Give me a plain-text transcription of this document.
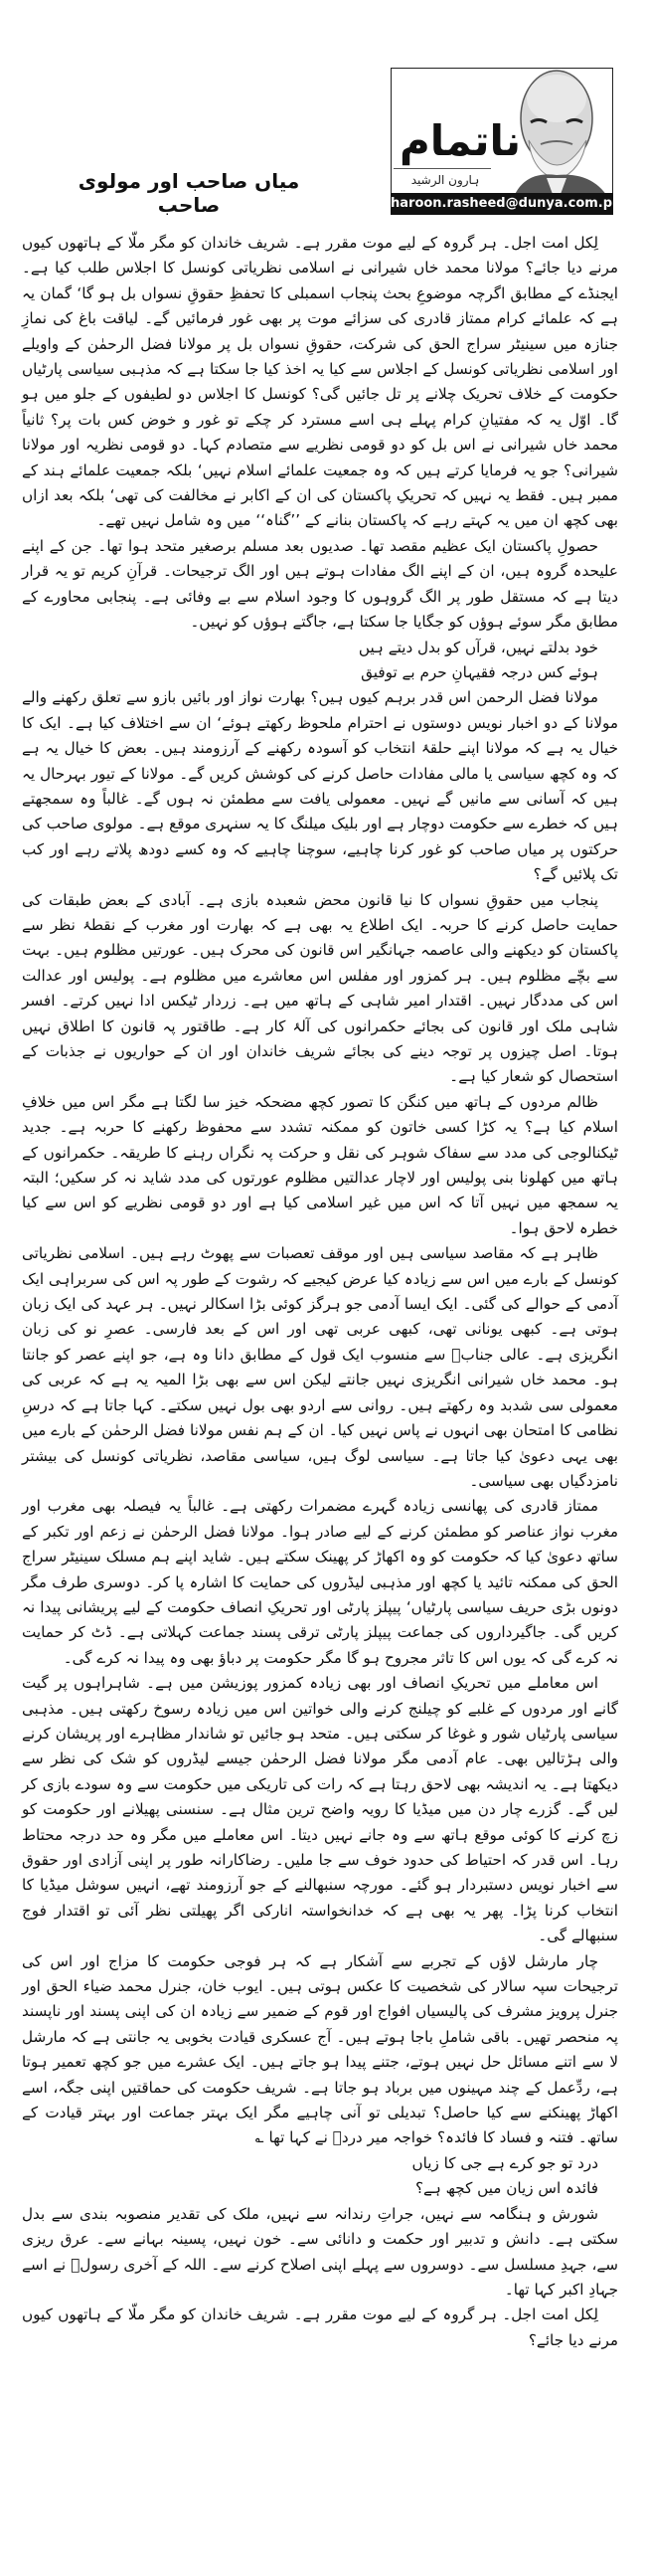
ناتمام
ہارون الرشید
haroon.rasheed@dunya.com.pk
میاں صاحب اور مولوی صاحب

لِکل امت اجل۔ ہر گروہ کے لیے موت مقرر ہے۔ شریف خاندان کو مگر ملّا کے ہاتھوں کیوں مرنے دیا جائے؟ مولانا محمد خاں شیرانی نے اسلامی نظریاتی کونسل کا اجلاس طلب کیا ہے۔ ایجنڈے کے مطابق اگرچہ موضوعِ بحث پنجاب اسمبلی کا تحفظِ حقوقِ نسواں بل ہو گا‘ گمان یہ ہے کہ علمائے کرام ممتاز قادری کی سزائے موت پر بھی غور فرمائیں گے۔ لیاقت باغ کی نمازِ جنازہ میں سینیٹر سراج الحق کی شرکت، حقوقِ نسواں بل پر مولانا فضل الرحمٰن کے واویلے اور اسلامی نظریاتی کونسل کے اجلاس سے کیا یہ اخذ کیا جا سکتا ہے کہ مذہبی سیاسی پارٹیاں حکومت کے خلاف تحریک چلانے پر تل جائیں گی؟ کونسل کا اجلاس دو لطیفوں کے جلو میں ہو گا۔ اوّل یہ کہ مفتیانِ کرام پہلے ہی اسے مسترد کر چکے تو غور و خوض کس بات پر؟ ثانیاً محمد خاں شیرانی نے اس بل کو دو قومی نظریے سے متصادم کہا۔ دو قومی نظریہ اور مولانا شیرانی؟ جو یہ فرمایا کرتے ہیں کہ وہ جمعیت علمائے اسلام نہیں‘ بلکہ جمعیت علمائے ہند کے ممبر ہیں۔ فقط یہ نہیں کہ تحریکِ پاکستان کی ان کے اکابر نے مخالفت کی تھی‘ بلکہ بعد ازاں بھی کچھ ان میں یہ کہتے رہے کہ پاکستان بنانے کے ’’گناہ‘‘ میں وہ شامل نہیں تھے۔

حصولِ پاکستان ایک عظیم مقصد تھا۔ صدیوں بعد مسلم برصغیر متحد ہوا تھا۔ جن کے اپنے علیحدہ گروہ ہیں، ان کے اپنے الگ مفادات ہوتے ہیں اور الگ ترجیحات۔ قرآنِ کریم تو یہ قرار دیتا ہے کہ مستقل طور پر الگ گروہوں کا وجود اسلام سے بے وفائی ہے۔ پنجابی محاورے کے مطابق مگر سوئے ہوؤں کو جگایا جا سکتا ہے، جاگتے ہوؤں کو نہیں۔

خود بدلتے نہیں، قرآں کو بدل دیتے ہیں

ہوئے کس درجہ فقیہانِ حرم بے توفیق

مولانا فضل الرحمن اس قدر برہم کیوں ہیں؟ بھارت نواز اور بائیں بازو سے تعلق رکھنے والے مولانا کے دو اخبار نویس دوستوں نے احترام ملحوظ رکھتے ہوئے‘ ان سے اختلاف کیا ہے۔ ایک کا خیال یہ ہے کہ مولانا اپنے حلقۂ انتخاب کو آسودہ رکھنے کے آرزومند ہیں۔ بعض کا خیال یہ ہے کہ وہ کچھ سیاسی یا مالی مفادات حاصل کرنے کی کوشش کریں گے۔ مولانا کے تیور بہرحال یہ ہیں کہ آسانی سے مانیں گے نہیں۔ معمولی یافت سے مطمئن نہ ہوں گے۔ غالباً وہ سمجھتے ہیں کہ خطرے سے حکومت دوچار ہے اور بلیک میلنگ کا یہ سنہری موقع ہے۔ مولوی صاحب کی حرکتوں پر میاں صاحب کو غور کرنا چاہیے، سوچنا چاہیے کہ وہ کسے دودھ پلاتے رہے اور کب تک پلائیں گے؟

پنجاب میں حقوقِ نسواں کا نیا قانون محض شعبدہ بازی ہے۔ آبادی کے بعض طبقات کی حمایت حاصل کرنے کا حربہ۔ ایک اطلاع یہ بھی ہے کہ بھارت اور مغرب کے نقطۂ نظر سے پاکستان کو دیکھنے والی عاصمہ جہانگیر اس قانون کی محرک ہیں۔ عورتیں مظلوم ہیں۔ بہت سے بچّے مظلوم ہیں۔ ہر کمزور اور مفلس اس معاشرے میں مظلوم ہے۔ پولیس اور عدالت اس کی مددگار نہیں۔ اقتدار امیر شاہی کے ہاتھ میں ہے۔ زردار ٹیکس ادا نہیں کرتے۔ افسر شاہی ملک اور قانون کی بجائے حکمرانوں کی آلۂ کار ہے۔ طاقتور پہ قانون کا اطلاق نہیں ہوتا۔ اصل چیزوں پر توجہ دینے کی بجائے شریف خاندان اور ان کے حواریوں نے جذبات کے استحصال کو شعار کیا ہے۔

ظالم مردوں کے ہاتھ میں کنگن کا تصور کچھ مضحکہ خیز سا لگتا ہے مگر اس میں خلافِ اسلام کیا ہے؟ یہ کڑا کسی خاتون کو ممکنہ تشدد سے محفوظ رکھنے کا حربہ ہے۔ جدید ٹیکنالوجی کی مدد سے سفاک شوہر کی نقل و حرکت پہ نگراں رہنے کا طریقہ۔ حکمرانوں کے ہاتھ میں کھلونا بنی پولیس اور لاچار عدالتیں مظلوم عورتوں کی مدد شاید نہ کر سکیں؛ البتہ یہ سمجھ میں نہیں آتا کہ اس میں غیر اسلامی کیا ہے اور دو قومی نظریے کو اس سے کیا خطرہ لاحق ہوا۔

ظاہر ہے کہ مقاصد سیاسی ہیں اور موقف تعصبات سے پھوٹ رہے ہیں۔ اسلامی نظریاتی کونسل کے بارے میں اس سے زیادہ کیا عرض کیجیے کہ رشوت کے طور پہ اس کی سربراہی ایک آدمی کے حوالے کی گئی۔ ایک ایسا آدمی جو ہرگز کوئی بڑا اسکالر نہیں۔ ہر عہد کی ایک زبان ہوتی ہے۔ کبھی یونانی تھی، کبھی عربی تھی اور اس کے بعد فارسی۔ عصرِ نو کی زبان انگریزی ہے۔ عالی جنابؑ سے منسوب ایک قول کے مطابق دانا وہ ہے، جو اپنے عصر کو جانتا ہو۔ محمد خاں شیرانی انگریزی نہیں جانتے لیکن اس سے بھی بڑا المیہ یہ ہے کہ عربی کی معمولی سی شدبد وہ رکھتے ہیں۔ روانی سے اردو بھی بول نہیں سکتے۔ کہا جاتا ہے کہ درسِ نظامی کا امتحان بھی انہوں نے پاس نہیں کیا۔ ان کے ہم نفس مولانا فضل الرحمٰن کے بارے میں بھی یہی دعویٰ کیا جاتا ہے۔ سیاسی لوگ ہیں، سیاسی مقاصد، نظریاتی کونسل کی بیشتر نامزدگیاں بھی سیاسی۔

ممتاز قادری کی پھانسی زیادہ گہرے مضمرات رکھتی ہے۔ غالباً یہ فیصلہ بھی مغرب اور مغرب نواز عناصر کو مطمئن کرنے کے لیے صادر ہوا۔ مولانا فضل الرحمٰن نے زعم اور تکبر کے ساتھ دعویٰ کیا کہ حکومت کو وہ اکھاڑ کر پھینک سکتے ہیں۔ شاید اپنے ہم مسلک سینیٹر سراج الحق کی ممکنہ تائید یا کچھ اور مذہبی لیڈروں کی حمایت کا اشارہ پا کر۔ دوسری طرف مگر دونوں بڑی حریف سیاسی پارٹیاں‘ پیپلز پارٹی اور تحریکِ انصاف حکومت کے لیے پریشانی پیدا نہ کریں گی۔ جاگیرداروں کی جماعت پیپلز پارٹی ترقی پسند جماعت کہلاتی ہے۔ ڈٹ کر حمایت نہ کرے گی کہ یوں اس کا تاثر مجروح ہو گا مگر حکومت پر دباؤ بھی وہ پیدا نہ کرے گی۔

اس معاملے میں تحریکِ انصاف اور بھی زیادہ کمزور پوزیشن میں ہے۔ شاہراہوں پر گیت گانے اور مردوں کے غلبے کو چیلنج کرنے والی خواتین اس میں زیادہ رسوخ رکھتی ہیں۔ مذہبی سیاسی پارٹیاں شور و غوغا کر سکتی ہیں۔ متحد ہو جائیں تو شاندار مظاہرے اور پریشان کرنے والی ہڑتالیں بھی۔ عام آدمی مگر مولانا فضل الرحمٰن جیسے لیڈروں کو شک کی نظر سے دیکھتا ہے۔ یہ اندیشہ بھی لاحق رہتا ہے کہ رات کی تاریکی میں حکومت سے وہ سودے بازی کر لیں گے۔ گزرے چار دن میں میڈیا کا رویہ واضح ترین مثال ہے۔ سنسنی پھیلانے اور حکومت کو زچ کرنے کا کوئی موقع ہاتھ سے وہ جانے نہیں دیتا۔ اس معاملے میں مگر وہ حد درجہ محتاط رہا۔ اس قدر کہ احتیاط کی حدود خوف سے جا ملیں۔ رضاکارانہ طور پر اپنی آزادی اور حقوق سے اخبار نویس دستبردار ہو گئے۔ مورچہ سنبھالنے کے جو آرزومند تھے، انہیں سوشل میڈیا کا انتخاب کرنا پڑا۔ پھر یہ بھی ہے کہ خدانخواستہ انارکی اگر پھیلتی نظر آئی تو اقتدار فوج سنبھالے گی۔

چار مارشل لاؤں کے تجربے سے آشکار ہے کہ ہر فوجی حکومت کا مزاج اور اس کی ترجیحات سپہ سالار کی شخصیت کا عکس ہوتی ہیں۔ ایوب خان، جنرل محمد ضیاء الحق اور جنرل پرویز مشرف کی پالیسیاں افواج اور قوم کے ضمیر سے زیادہ ان کی اپنی پسند اور ناپسند پہ منحصر تھیں۔ باقی شاملِ باجا ہوتے ہیں۔ آج عسکری قیادت بخوبی یہ جانتی ہے کہ مارشل لا سے اتنے مسائل حل نہیں ہوتے، جتنے پیدا ہو جاتے ہیں۔ ایک عشرے میں جو کچھ تعمیر ہوتا ہے، ردِّعمل کے چند مہینوں میں برباد ہو جاتا ہے۔ شریف حکومت کی حماقتیں اپنی جگہ، اسے اکھاڑ پھینکنے سے کیا حاصل؟ تبدیلی تو آنی چاہیے مگر ایک بہتر جماعت اور بہتر قیادت کے ساتھ۔ فتنہ و فساد کا فائدہ؟ خواجہ میر دردؔ نے کہا تھا ؎

درد تو جو کرے ہے جی کا زیاں

فائدہ اس زیان میں کچھ ہے؟

شورش و ہنگامہ سے نہیں، جراتِ رندانہ سے نہیں، ملک کی تقدیر منصوبہ بندی سے بدل سکتی ہے۔ دانش و تدبیر اور حکمت و دانائی سے۔ خون نہیں، پسینہ بہانے سے۔ عرق ریزی سے، جہدِ مسلسل سے۔ دوسروں سے پہلے اپنی اصلاح کرنے سے۔ اللہ کے آخری رسولؐ نے اسے جہادِ اکبر کہا تھا۔

لِکل امت اجل۔ ہر گروہ کے لیے موت مقرر ہے۔ شریف خاندان کو مگر ملّا کے ہاتھوں کیوں مرنے دیا جائے؟
